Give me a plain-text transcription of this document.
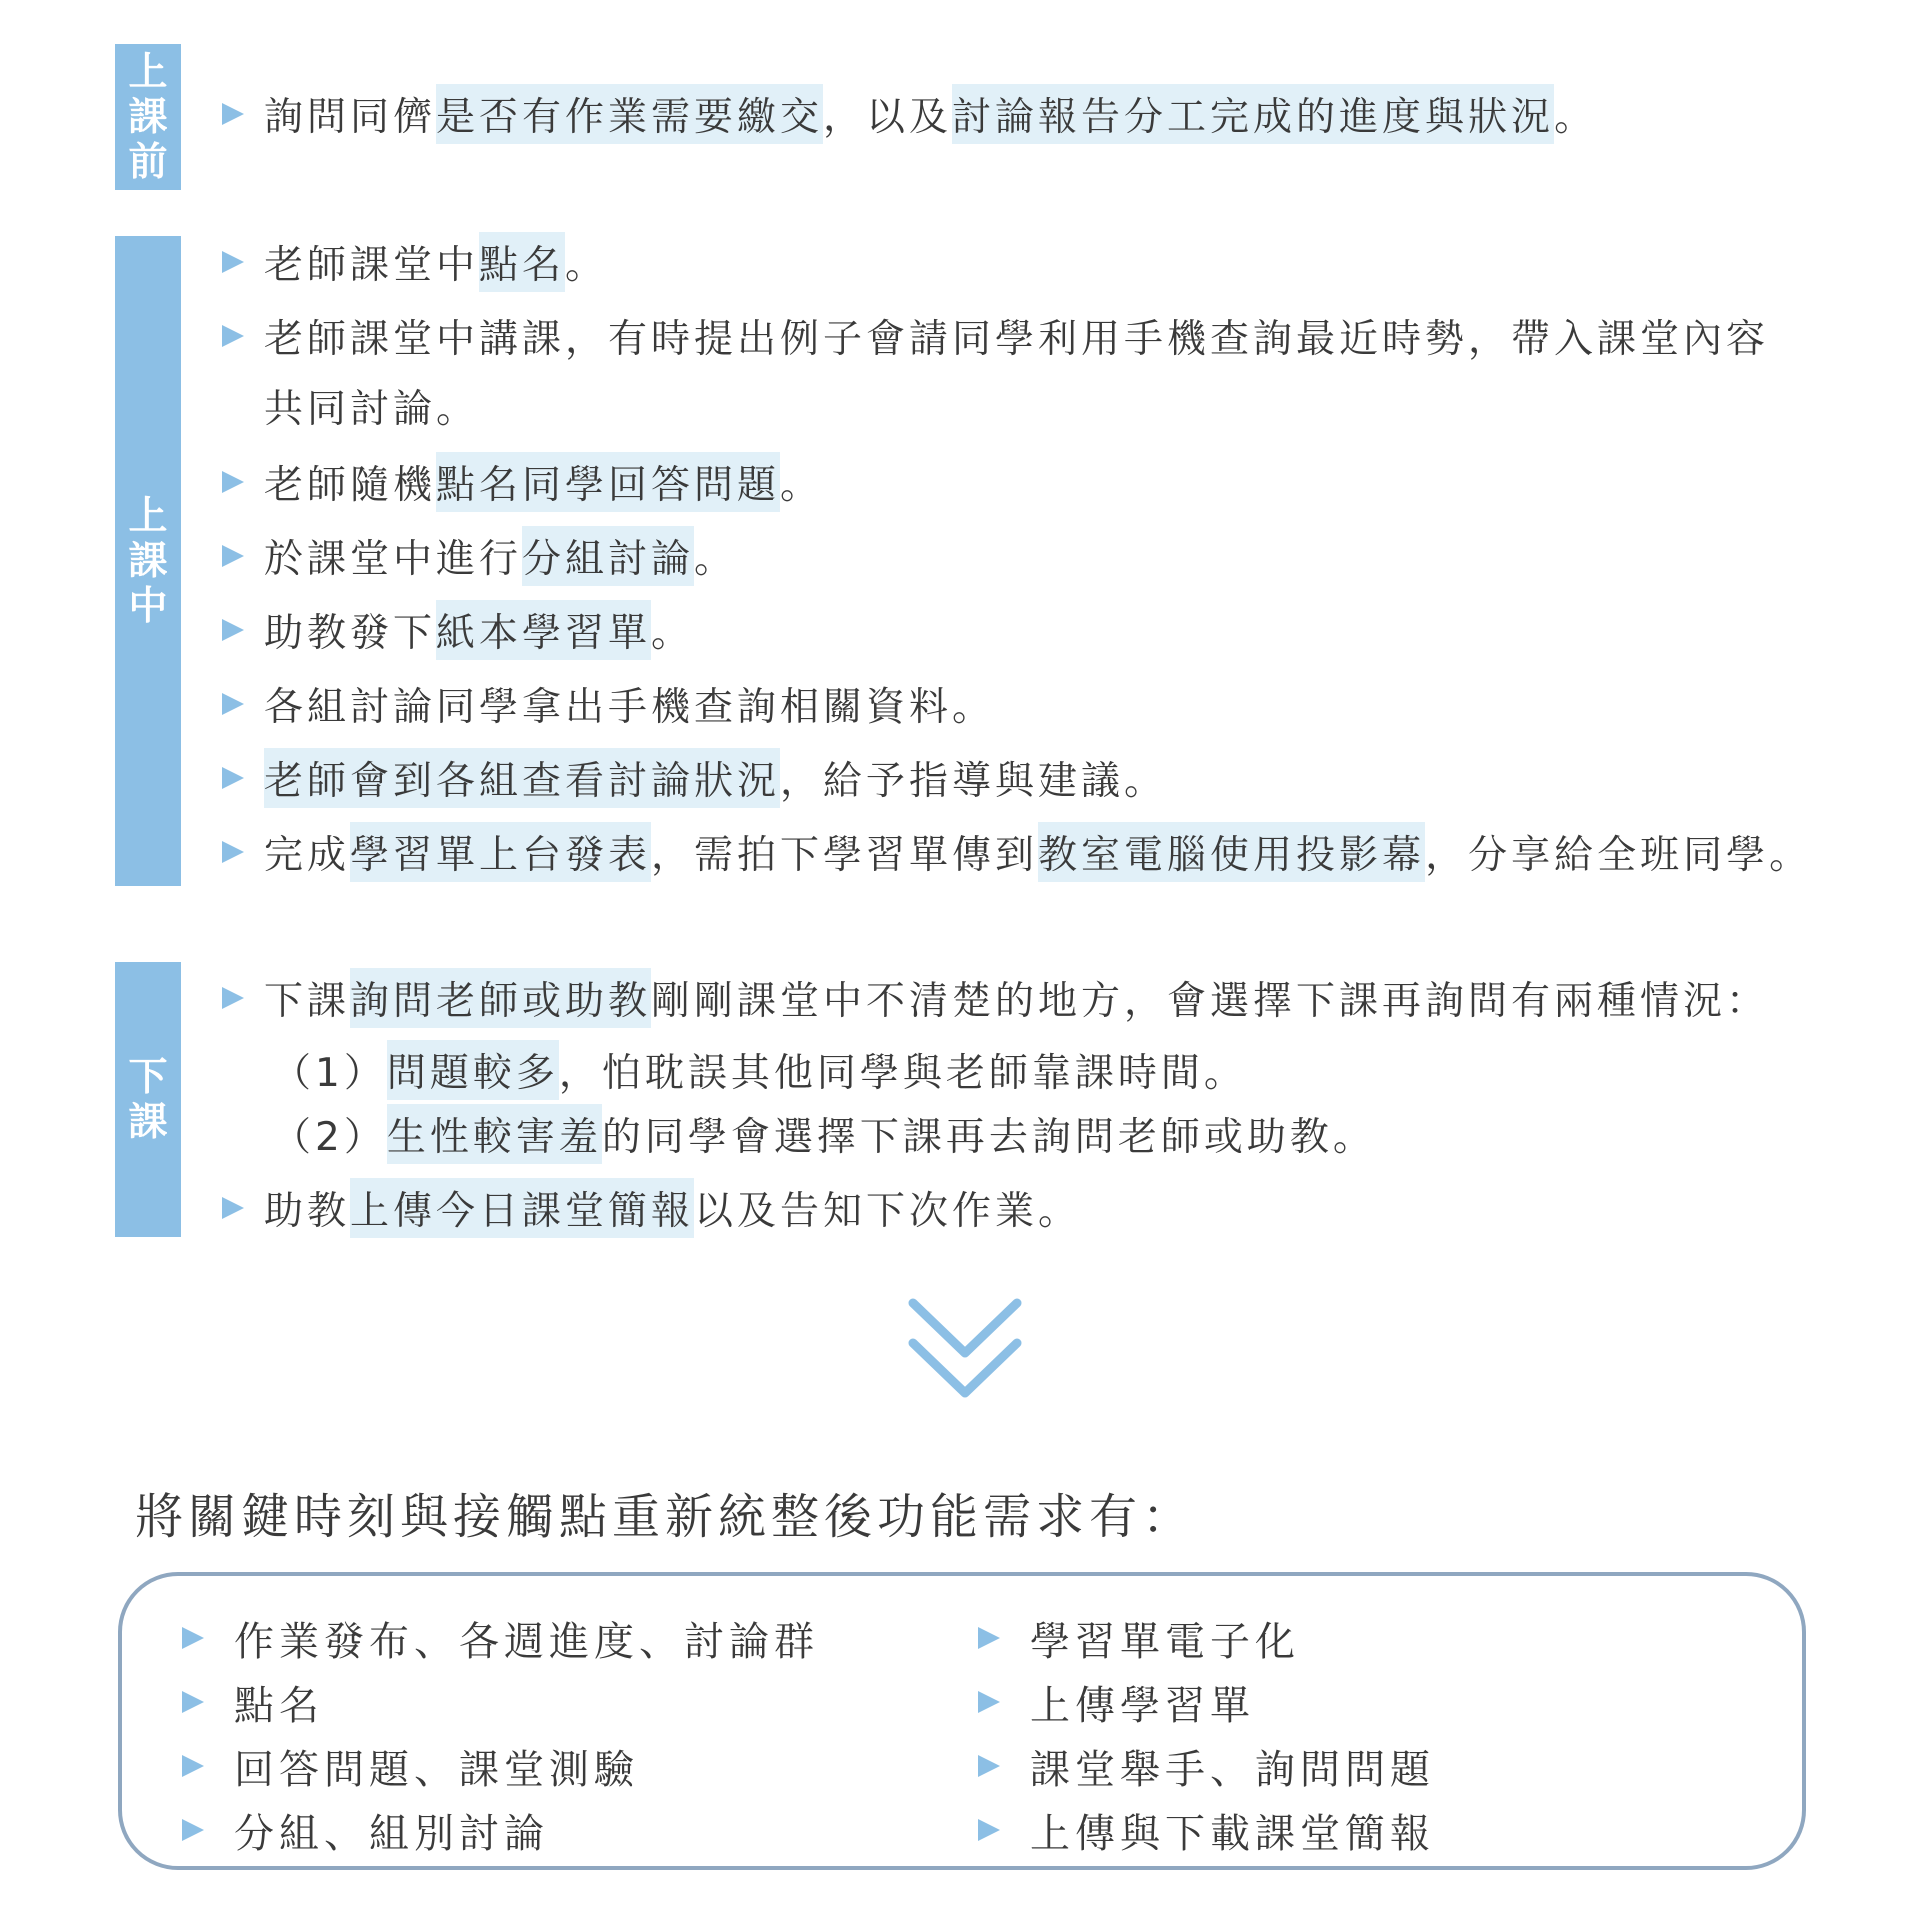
上
課
前
詢問同儕 是否有作業需要繳交 ，以及 討論報告分工完成的進度與狀況 。
上
課
中
老師課堂中 點名 。
老師課堂中講課，有時提出例子會請同學利用手機查詢最近時勢，帶入課堂內容
共同討論。
老師隨機 點名同學回答問題 。
於課堂中進行 分組討論 。
助教發下 紙本學習單 。
各組討論同學拿出手機查詢相關資料。
老師會到各組查看討論狀況 ，給予指導與建議。
完成 學習單上台發表 ，需拍下學習單傳到 教室電腦使用投影幕 ，分享給全班同學。
下
課
下課 詢問老師或助教 剛剛課堂中不清楚的地方，會選擇下課再詢問有兩種情況：
（1） 問題較多 ，怕耽誤其他同學與老師靠課時間。
（2） 生性較害羞 的同學會選擇下課再去詢問老師或助教。
助教 上傳今日課堂簡報 以及告知下次作業。
將關鍵時刻與接觸點重新統整後功能需求有：
作業發布、各週進度、討論群
點名
回答問題、課堂測驗
分組、組別討論
學習單電子化
上傳學習單
課堂舉手、詢問問題
上傳與下載課堂簡報
